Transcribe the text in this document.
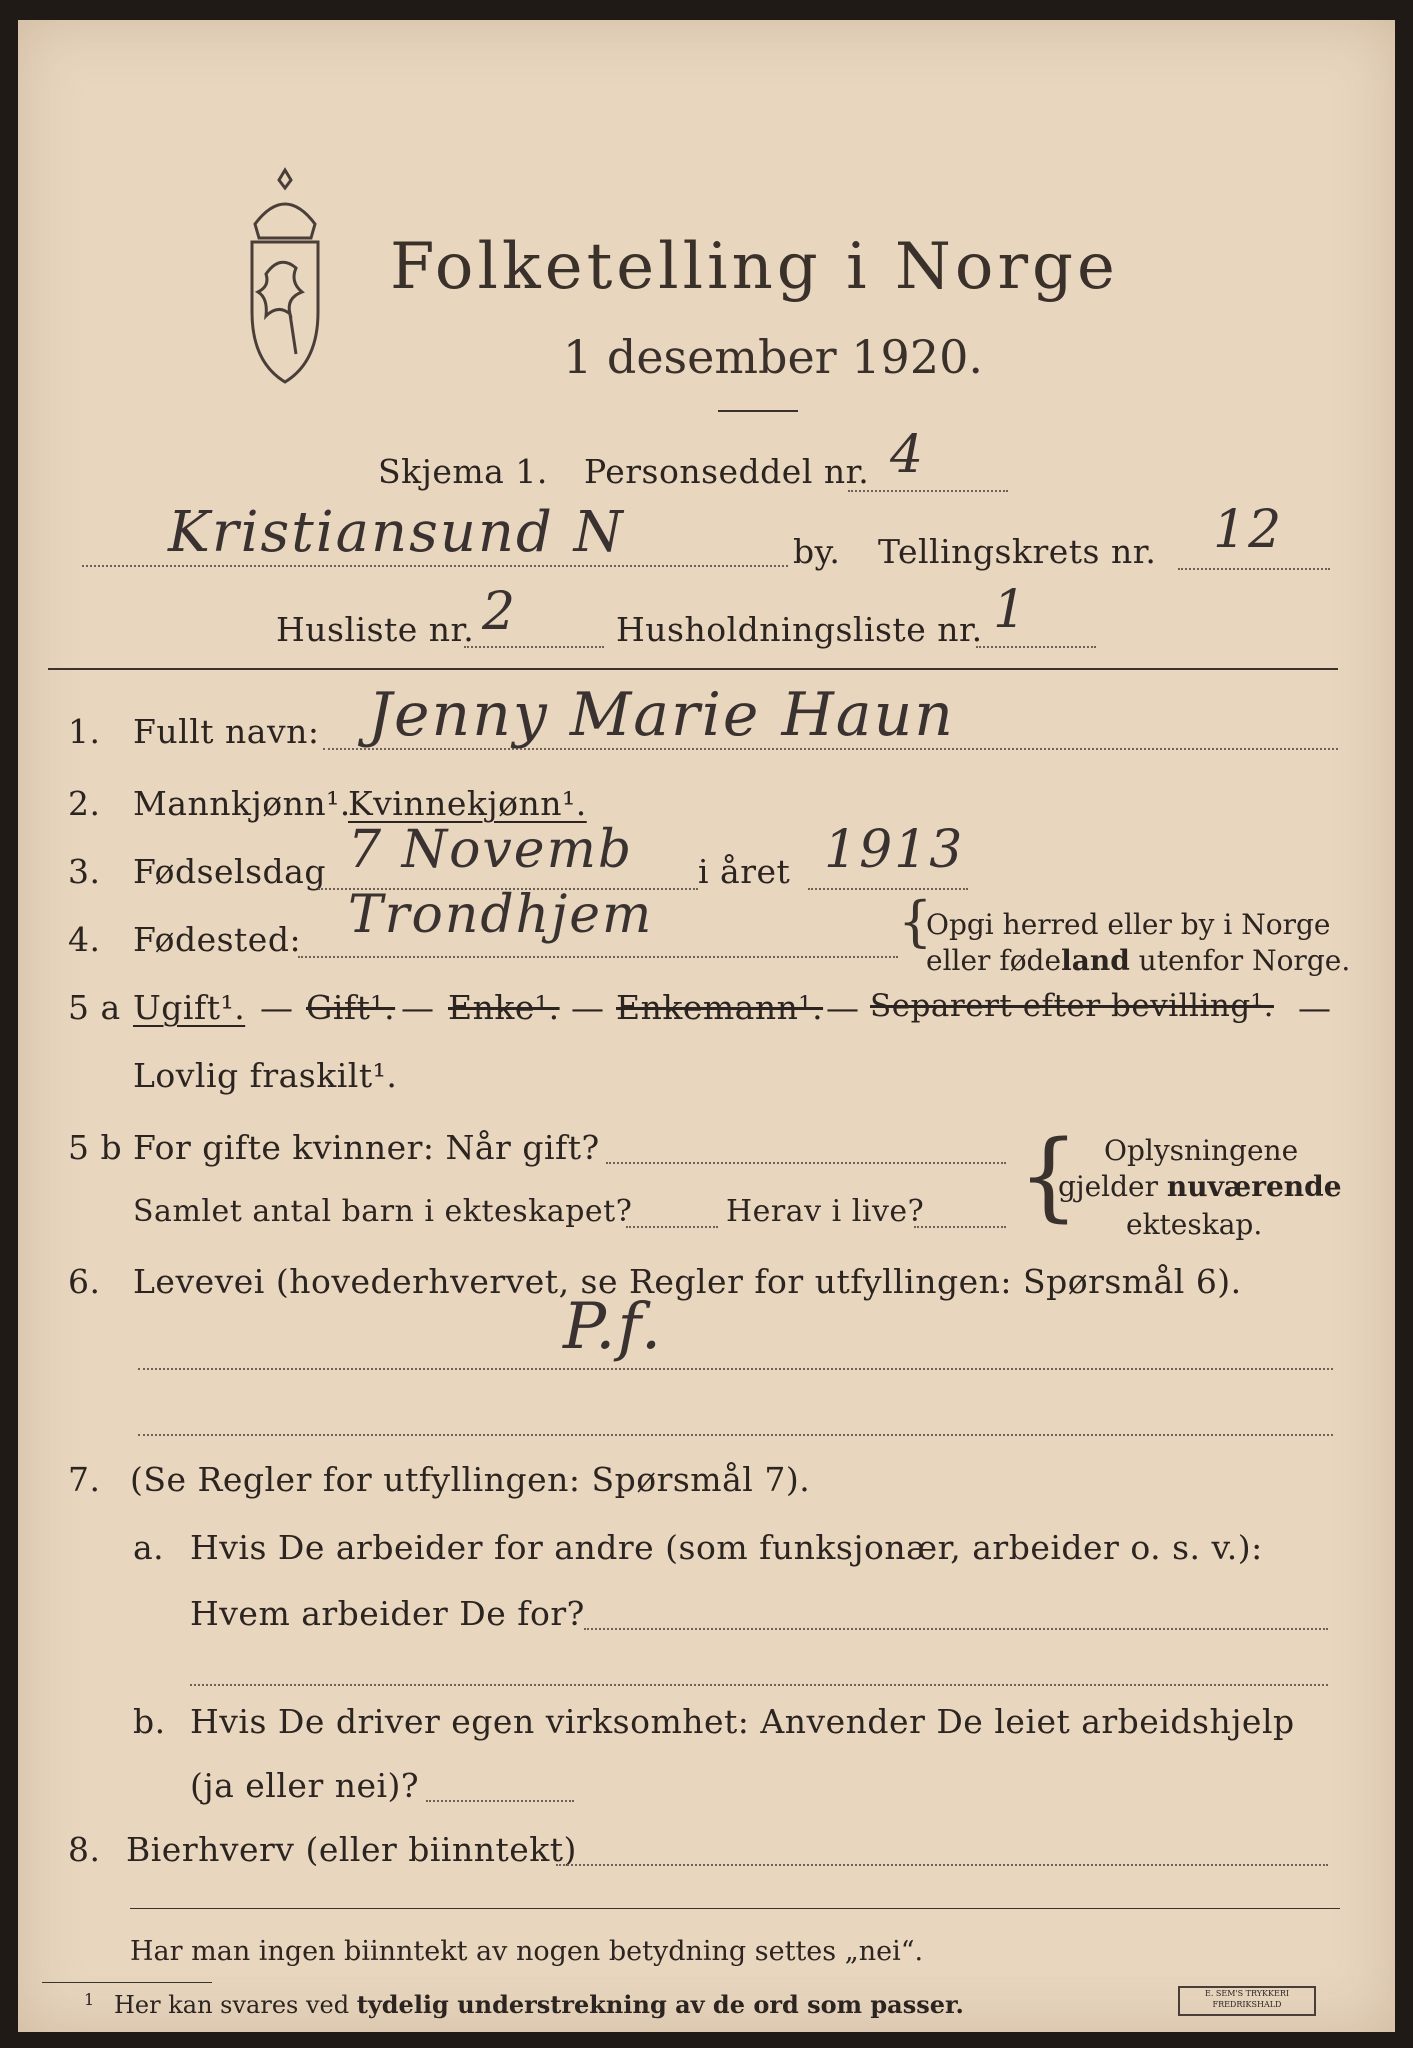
Folketelling i Norge
1 desember 1920.
Skjema 1. Personseddel nr. 4
Kristiansund N	by. Tellingskrets nr. 12
Husliste nr. 2	Husholdningsliste nr. 1
1. Fullt navn: Jenny Marie Haun
2. Mannkjønn¹.
Kvinnekjønn¹.
3. Fødselsdag 7 Novemb i året 1913
4. Fødested: Trondhjem	{
Opgi herred eller by i Norge
eller fødeland utenfor Norge.
5 a Ugift¹. — Gift¹. — Enke¹. — Enkemann¹. — Separert efter bevilling¹. —
Lovlig fraskilt¹.
5 b For gifte kvinner: Når gift?
Samlet antal barn i ekteskapet?	Herav i live? { Oplysningene
gjelder nuværende
ekteskap.
6. Levevei (hovederhvervet, se Regler for utfyllingen: Spørsmål 6).
P.f.
7. (Se Regler for utfyllingen: Spørsmål 7).
a. Hvis De arbeider for andre (som funksjonær, arbeider o. s. v.):
Hvem arbeider De for?
b. Hvis De driver egen virksomhet: Anvender De leiet arbeidshjelp
(ja eller nei)?
8. Bierhverv (eller biinntekt)
Har man ingen biinntekt av nogen betydning settes „nei“.
1 Her kan svares ved tydelig understrekning av de ord som passer.	E. SEM'S TRYKKERI
FREDRIKSHALD
